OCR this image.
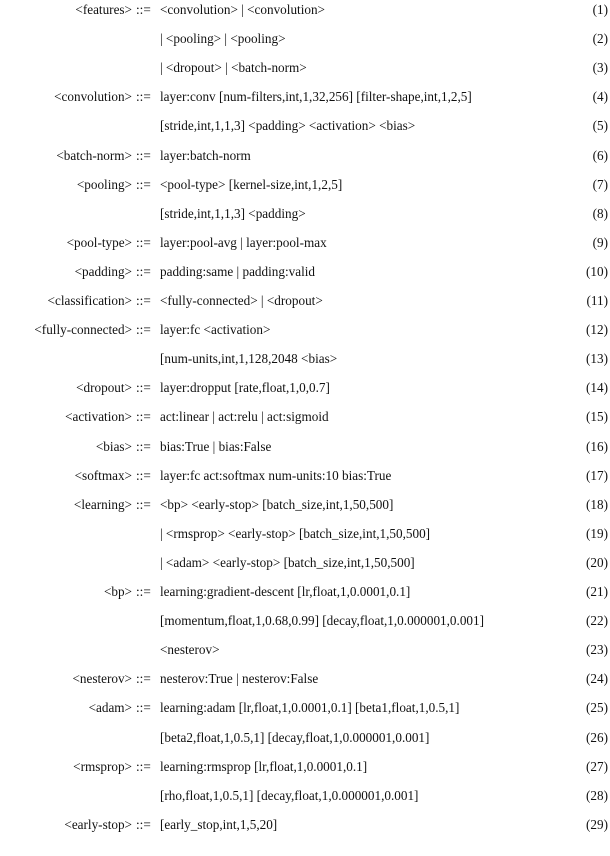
<features> ::= <convolution> | <convolution>	(1)
| <pooling> | <pooling>	(2)
| <dropout> | <batch-norm>	(3)
<convolution> ::= layer:conv [num-filters,int,1,32,256] [filter-shape,int,1,2,5]	(4)
[stride,int,1,1,3] <padding> <activation> <bias>	(5)
<batch-norm> ::= layer:batch-norm	(6)
<pooling> ::= <pool-type> [kernel-size,int,1,2,5]	(7)
[stride,int,1,1,3] <padding>	(8)
<pool-type> ::= layer:pool-avg | layer:pool-max	(9)
<padding> ::= padding:same | padding:valid	(10)
<classification> ::= <fully-connected> | <dropout>	(11)
<fully-connected> ::= layer:fc <activation>	(12)
[num-units,int,1,128,2048 <bias>	(13)
<dropout> ::= layer:dropput [rate,float,1,0,0.7]	(14)
<activation> ::= act:linear | act:relu | act:sigmoid	(15)
<bias> ::= bias:True | bias:False	(16)
<softmax> ::= layer:fc act:softmax num-units:10 bias:True	(17)
<learning> ::= <bp> <early-stop> [batch_size,int,1,50,500]	(18)
| <rmsprop> <early-stop> [batch_size,int,1,50,500]	(19)
| <adam> <early-stop> [batch_size,int,1,50,500]	(20)
<bp> ::= learning:gradient-descent [lr,float,1,0.0001,0.1]	(21)
[momentum,float,1,0.68,0.99] [decay,float,1,0.000001,0.001]	(22)
<nesterov>	(23)
<nesterov> ::= nesterov:True | nesterov:False	(24)
<adam> ::= learning:adam [lr,float,1,0.0001,0.1] [beta1,float,1,0.5,1]	(25)
[beta2,float,1,0.5,1] [decay,float,1,0.000001,0.001]	(26)
<rmsprop> ::= learning:rmsprop [lr,float,1,0.0001,0.1]	(27)
[rho,float,1,0.5,1] [decay,float,1,0.000001,0.001]	(28)
<early-stop> ::= [early_stop,int,1,5,20]	(29)
